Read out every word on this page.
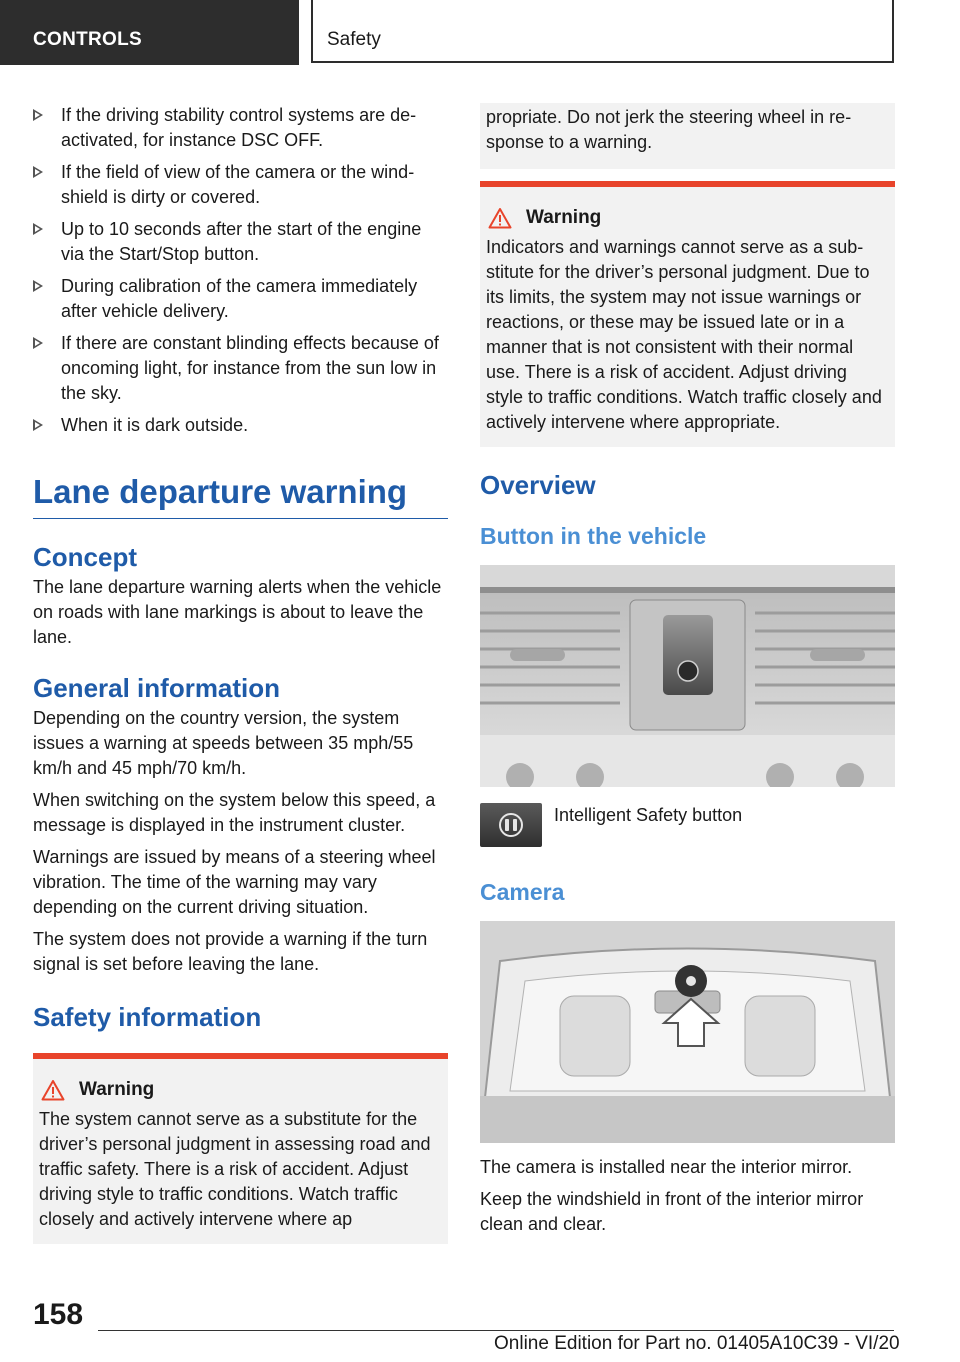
CONTROLS	Safety
If the driving stability control systems are deactivated, for instance DSC OFF.
If the field of view of the camera or the windshield is dirty or covered.
Up to 10 seconds after the start of the engine via the Start/Stop button.
During calibration of the camera immediately after vehicle delivery.
If there are constant blinding effects because of oncoming light, for instance from the sun low in the sky.
When it is dark outside.
Lane departure warning
Concept

The lane departure warning alerts when the vehicle on roads with lane markings is about to leave the lane.

General information

Depending on the country version, the system issues a warning at speeds between 35 mph/55 km/h and 45 mph/70 km/h.

When switching on the system below this speed, a message is displayed in the instrument cluster.

Warnings are issued by means of a steering wheel vibration. The time of the warning may vary depending on the current driving situation.

The system does not provide a warning if the turn signal is set before leaving the lane.

Safety information
Warning

The system cannot serve as a substitute for the driver’s personal judgment in assessing road and traffic safety. There is a risk of accident. Adjust driving style to traffic conditions. Watch traffic closely and actively intervene where ap

propriate. Do not jerk the steering wheel in response to a warning.

Warning

Indicators and warnings cannot serve as a substitute for the driver’s personal judgment. Due to its limits, the system may not issue warnings or reactions, or these may be issued late or in a manner that is not consistent with their normal use. There is a risk of accident. Adjust driving style to traffic conditions. Watch traffic closely and actively intervene where appropriate.

Overview
Button in the vehicle

Intelligent Safety button

Camera

The camera is installed near the interior mirror.

Keep the windshield in front of the interior mirror clean and clear.

158
Online Edition for Part no. 01405A10C39 - VI/20
